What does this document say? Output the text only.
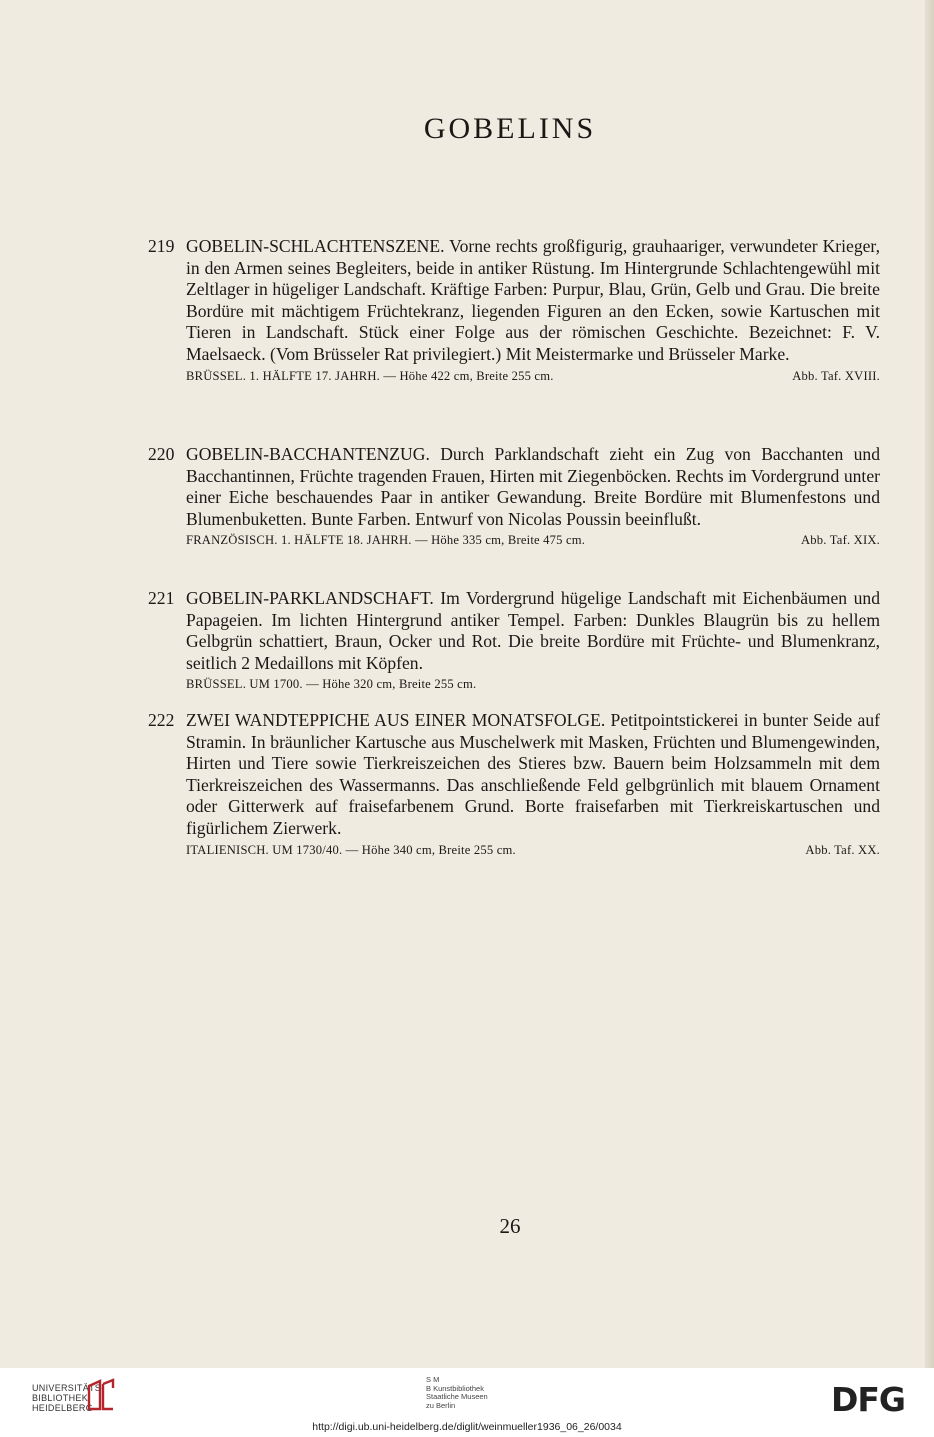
GOBELINS
219 GOBELIN-SCHLACHTENSZENE. Vorne rechts großfigurig, grauhaariger, verwundeter Krieger, in den Armen seines Begleiters, beide in antiker Rüstung. Im Hintergrunde Schlachtengewühl mit Zeltlager in hügeliger Landschaft. Kräftige Farben: Purpur, Blau, Grün, Gelb und Grau. Die breite Bordüre mit mächtigem Früchtekranz, liegenden Figuren an den Ecken, sowie Kartuschen mit Tieren in Landschaft. Stück einer Folge aus der römischen Geschichte. Bezeichnet: F. V. Maelsaeck. (Vom Brüsseler Rat privilegiert.) Mit Meistermarke und Brüsseler Marke.
BRÜSSEL. 1. HÄLFTE 17. JAHRH. — Höhe 422 cm, Breite 255 cm.	Abb. Taf. XVIII.
220 GOBELIN-BACCHANTENZUG. Durch Parklandschaft zieht ein Zug von Bacchanten und Bacchantinnen, Früchte tragenden Frauen, Hirten mit Ziegenböcken. Rechts im Vordergrund unter einer Eiche beschauendes Paar in antiker Gewandung. Breite Bordüre mit Blumenfestons und Blumenbuketten. Bunte Farben. Entwurf von Nicolas Poussin beeinflußt.
FRANZÖSISCH. 1. HÄLFTE 18. JAHRH. — Höhe 335 cm, Breite 475 cm.	Abb. Taf. XIX.
221 GOBELIN-PARKLANDSCHAFT. Im Vordergrund hügelige Landschaft mit Eichenbäumen und Papageien. Im lichten Hintergrund antiker Tempel. Farben: Dunkles Blaugrün bis zu hellem Gelbgrün schattiert, Braun, Ocker und Rot. Die breite Bordüre mit Früchte- und Blumenkranz, seitlich 2 Medaillons mit Köpfen.
BRÜSSEL. UM 1700. — Höhe 320 cm, Breite 255 cm.
222 ZWEI WANDTEPPICHE AUS EINER MONATSFOLGE. Petitpointstickerei in bunter Seide auf Stramin. In bräunlicher Kartusche aus Muschelwerk mit Masken, Früchten und Blumengewinden, Hirten und Tiere sowie Tierkreiszeichen des Stieres bzw. Bauern beim Holzsammeln mit dem Tierkreiszeichen des Wassermanns. Das anschließende Feld gelbgrünlich mit blauem Ornament oder Gitterwerk auf fraisefarbenem Grund. Borte fraisefarben mit Tierkreiskartuschen und figürlichem Zierwerk.
ITALIENISCH. UM 1730/40. — Höhe 340 cm, Breite 255 cm.	Abb. Taf. XX.
26
UNIVERSITÄTS-
BIBLIOTHEK
HEIDELBERG
S M
B Kunstbibliothek
Staatliche Museen
zu Berlin	DFG
http://digi.ub.uni-heidelberg.de/diglit/weinmueller1936_06_26/0034
